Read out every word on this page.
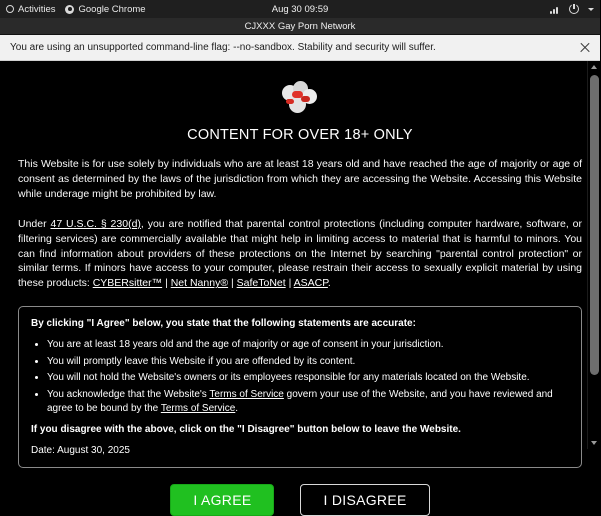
Activities Google Chrome	Aug 30 09:59
CJXXX Gay Porn Network
You are using an unsupported command-line flag: --no-sandbox. Stability and security will suffer.
CONTENT FOR OVER 18+ ONLY

This Website is for use solely by individuals who are at least 18 years old and have reached the age of majority or age of consent as determined by the laws of the jurisdiction from which they are accessing the Website. Accessing this Website while underage might be prohibited by law.

Under 47 U.S.C. § 230(d), you are notified that parental control protections (including computer hardware, software, or filtering services) are commercially available that might help in limiting access to material that is harmful to minors. You can find information about providers of these protections on the Internet by searching "parental control protection" or similar terms. If minors have access to your computer, please restrain their access to sexually explicit material by using these products: CYBERsitter™ | Net Nanny® | SafeToNet | ASACP.

By clicking "I Agree" below, you state that the following statements are accurate:
• You are at least 18 years old and the age of majority or age of consent in your jurisdiction.
• You will promptly leave this Website if you are offended by its content.
• You will not hold the Website's owners or its employees responsible for any materials located on the Website.
• You acknowledge that the Website's Terms of Service govern your use of the Website, and you have reviewed and agree to be bound by the Terms of Service.
If you disagree with the above, click on the "I Disagree" button below to leave the Website.
Date: August 30, 2025
I AGREE	I DISAGREE
